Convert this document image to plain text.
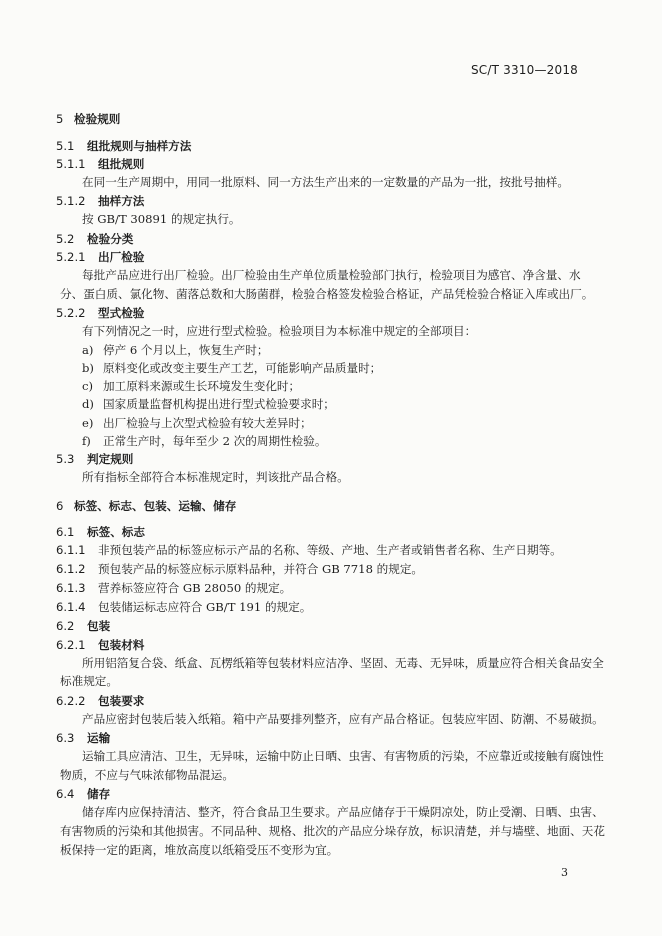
SC/T 3310—2018
5 检验规则
5.1 组批规则与抽样方法
5.1.1 组批规则
在同一生产周期中，用同一批原料、同一方法生产出来的一定数量的产品为一批，按批号抽样。
5.1.2 抽样方法
按 GB/T 30891 的规定执行。
5.2 检验分类
5.2.1 出厂检验
每批产品应进行出厂检验。出厂检验由生产单位质量检验部门执行，检验项目为感官、净含量、水
分、蛋白质、氯化物、菌落总数和大肠菌群，检验合格签发检验合格证，产品凭检验合格证入库或出厂。
5.2.2 型式检验
有下列情况之一时，应进行型式检验。检验项目为本标准中规定的全部项目：
a) 停产 6 个月以上，恢复生产时；
b) 原料变化或改变主要生产工艺，可能影响产品质量时；
c) 加工原料来源或生长环境发生变化时；
d) 国家质量监督机构提出进行型式检验要求时；
e) 出厂检验与上次型式检验有较大差异时；
f) 正常生产时，每年至少 2 次的周期性检验。
5.3 判定规则
所有指标全部符合本标准规定时，判该批产品合格。
6 标签、标志、包装、运输、储存
6.1 标签、标志
6.1.1 非预包装产品的标签应标示产品的名称、等级、产地、生产者或销售者名称、生产日期等。
6.1.2 预包装产品的标签应标示原料品种，并符合 GB 7718 的规定。
6.1.3 营养标签应符合 GB 28050 的规定。
6.1.4 包装储运标志应符合 GB/T 191 的规定。
6.2 包装
6.2.1 包装材料
所用铝箔复合袋、纸盒、瓦楞纸箱等包装材料应洁净、坚固、无毒、无异味，质量应符合相关食品安全
标准规定。
6.2.2 包装要求
产品应密封包装后装入纸箱。箱中产品要排列整齐，应有产品合格证。包装应牢固、防潮、不易破损。
6.3 运输
运输工具应清洁、卫生，无异味，运输中防止日晒、虫害、有害物质的污染，不应靠近或接触有腐蚀性
物质，不应与气味浓郁物品混运。
6.4 储存
储存库内应保持清洁、整齐，符合食品卫生要求。产品应储存于干燥阴凉处，防止受潮、日晒、虫害、
有害物质的污染和其他损害。不同品种、规格、批次的产品应分垛存放，标识清楚，并与墙壁、地面、天花
板保持一定的距离，堆放高度以纸箱受压不变形为宜。
3
